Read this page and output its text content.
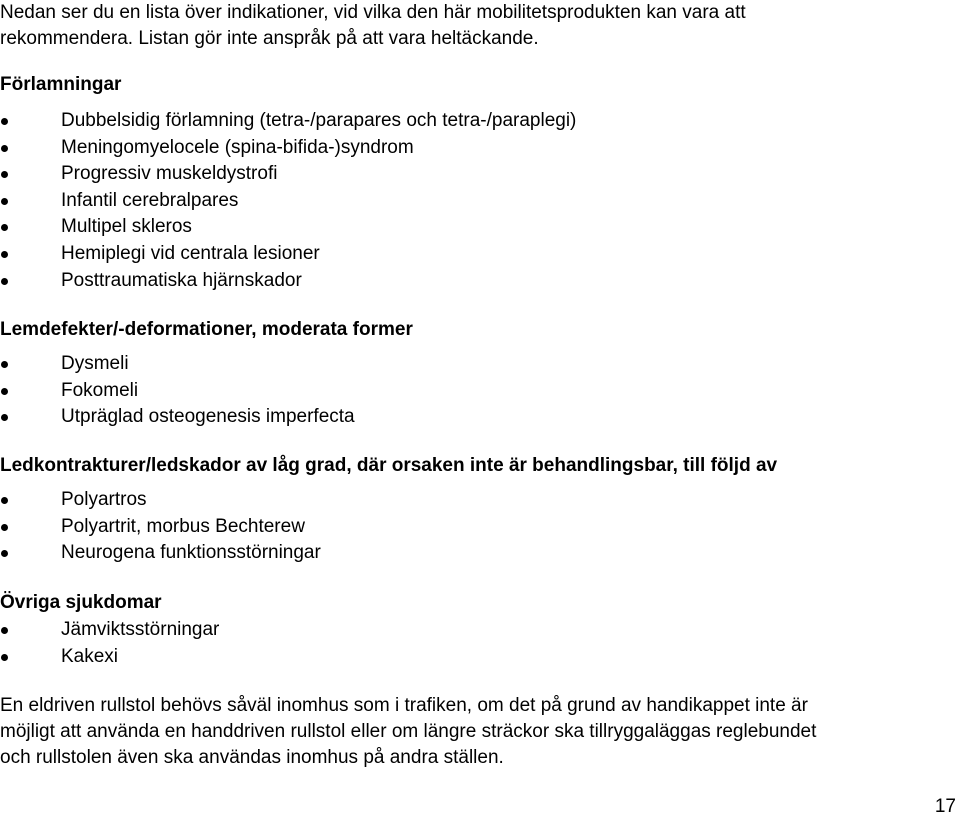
Nedan ser du en lista över indikationer, vid vilka den här mobilitetsprodukten kan vara att
rekommendera. Listan gör inte anspråk på att vara heltäckande.

Förlamningar
Dubbelsidig förlamning (tetra-/parapares och tetra-/paraplegi)
Meningomyelocele (spina-bifida-)syndrom
Progressiv muskeldystrofi
Infantil cerebralpares
Multipel skleros
Hemiplegi vid centrala lesioner
Posttraumatiska hjärnskador
Lemdefekter/-deformationer, moderata former
Dysmeli
Fokomeli
Utpräglad osteogenesis imperfecta
Ledkontrakturer/ledskador av låg grad, där orsaken inte är behandlingsbar, till följd av
Polyartros
Polyartrit, morbus Bechterew
Neurogena funktionsstörningar
Övriga sjukdomar
Jämviktsstörningar
Kakexi

En eldriven rullstol behövs såväl inomhus som i trafiken, om det på grund av handikappet inte är
möjligt att använda en handdriven rullstol eller om längre sträckor ska tillryggaläggas reglebundet
och rullstolen även ska användas inomhus på andra ställen.

17
